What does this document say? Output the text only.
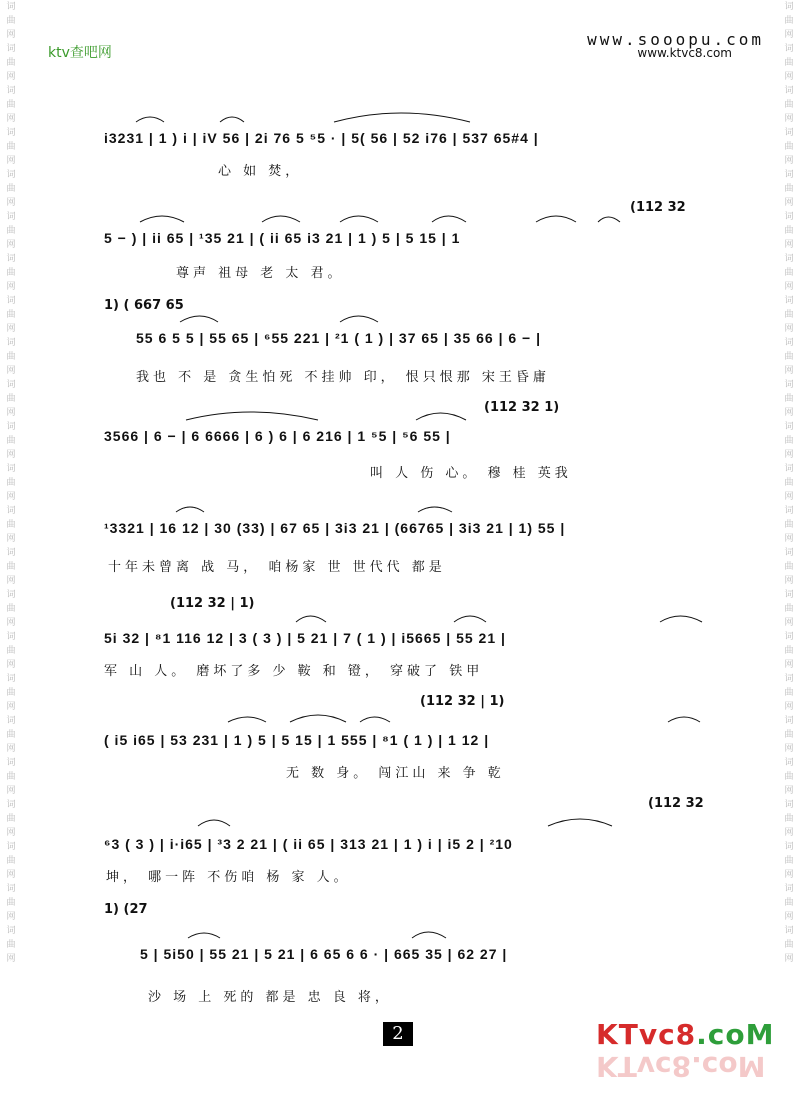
词
曲
网
词
曲
网
词
曲
网
词
曲
网
词
曲
网
词
曲
网
词
曲
网
词
曲
网
词
曲
网
词
曲
网
词
曲
网
词
曲
网
词
曲
网
词
曲
网
词
曲
网
词
曲
网
词
曲
网
词
曲
网
词
曲
网
词
曲
网
词
曲
网
词
曲
网
词
曲
网
词
曲
网
词
曲
网
词
曲
网
词
曲
网
词
曲
网
词
曲
网
词
曲
网
词
曲
网
词
曲
网
词
曲
网
词
曲
网
词
曲
网
词
曲
网
词
曲
网
词
曲
网
词
曲
网
词
曲
网
词
曲
网
词
曲
网
词
曲
网
词
曲
网
词
曲
网
词
曲
网
ktv查吧网
www.sooopu.com
www.ktvc8.com
i3231 | 1 ) i | iV 56 | 2i 76 5 ⁵5 · | 5( 56 | 52 i76 | 537 65#4 |
心 如 焚，
(112 32
5 − ) | ii 65 | ¹35 21 | ( ii 65 i3 21 | 1 ) 5 | 5 15 | 1
尊声 祖母 老 太 君。
1) ( 667 65
55 6 5 5 | 55 65 | ⁶55 221 | ²1 ( 1 ) | 37 65 | 35 66 | 6 − |
我也 不 是 贪生怕死 不挂帅 印， 恨只恨那 宋王昏庸
(112 32 1)
3566 | 6 − | 6 6666 | 6 ) 6 | 6 216 | 1 ⁵5 | ⁵6 55 |
叫 人 伤 心。 穆 桂 英我
¹3321 | 16 12 | 30 (33) | 67 65 | 3i3 21 | (66765 | 3i3 21 | 1) 55 |
十年未曾离 战 马， 咱杨家 世 世代代 都是
(112 32 | 1)
5i 32 | ⁸1 116 12 | 3 ( 3 ) | 5 21 | 7 ( 1 ) | i5665 | 55 21 |
军 山 人。 磨坏了多 少 鞍 和 镫， 穿破了 铁甲
(112 32 | 1)
( i5 i65 | 53 231 | 1 ) 5 | 5 15 | 1 555 | ⁸1 ( 1 ) | 1 12 |
无 数 身。 闯江山 来 争 乾
(112 32
⁶3 ( 3 ) | i·i65 | ³3 2 21 | ( ii 65 | 313 21 | 1 ) i | i5 2 | ²10
坤， 哪一阵 不伤咱 杨 家 人。
1) (27
5 | 5i50 | 55 21 | 5 21 | 6 65 6 6 · | 665 35 | 62 27 |
沙 场 上 死的 都是 忠 良 将，
2	KTvc8.coM
KTvc8.coM
